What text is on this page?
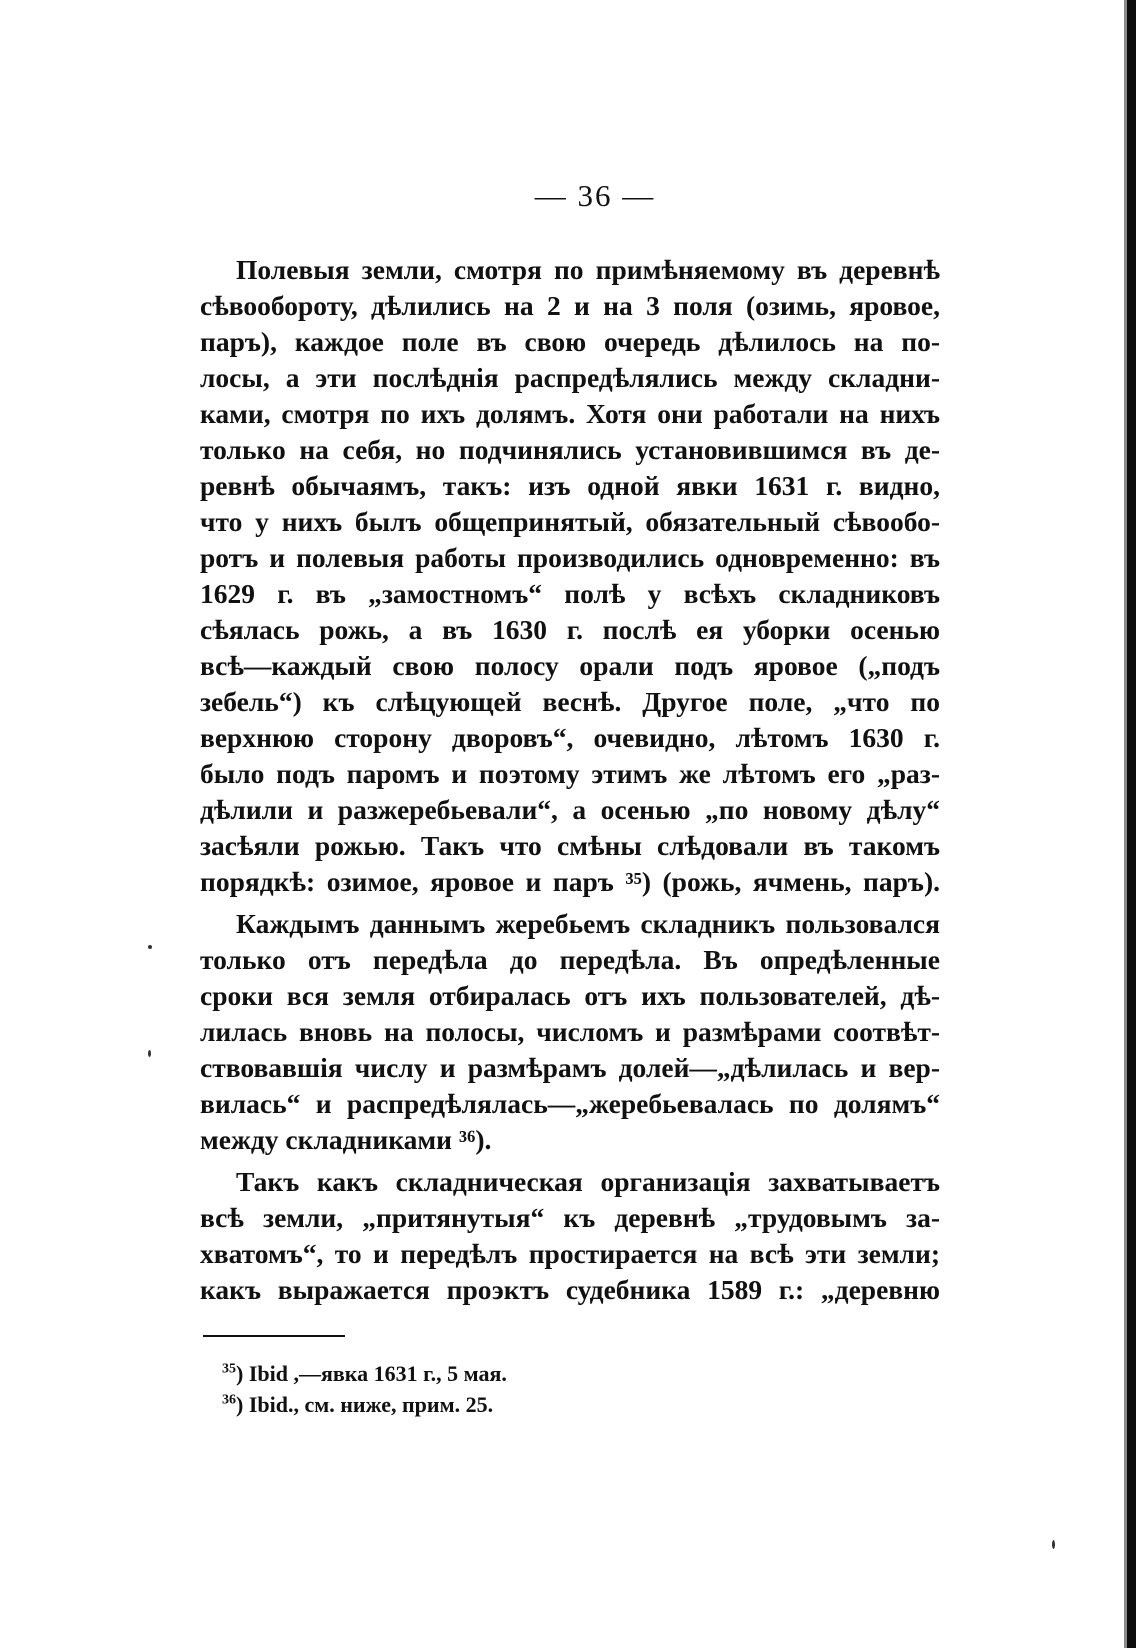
— 36 —
Полевыя земли, смотря по примѣняемому въ деревнѣ
сѣвообороту, дѣлились на 2 и на 3 поля (озимь, яровое,
паръ), каждое поле въ свою очередь дѣлилось на по-
лосы, а эти послѣднія распредѣлялись между складни-
ками, смотря по ихъ долямъ. Хотя они работали на нихъ
только на себя, но подчинялись установившимся въ де-
ревнѣ обычаямъ, такъ: изъ одной явки 1631 г. видно,
что у нихъ былъ общепринятый, обязательный сѣвообо-
ротъ и полевыя работы производились одновременно: въ
1629 г. въ „замостномъ“ полѣ у всѣхъ складниковъ
сѣялась рожь, а въ 1630 г. послѣ ея уборки осенью
всѣ—каждый свою полосу орали подъ яровое („подъ
зебель“) къ слѣцующей веснѣ. Другое поле, „что по
верхнюю сторону дворовъ“, очевидно, лѣтомъ 1630 г.
было подъ паромъ и поэтому этимъ же лѣтомъ его „раз-
дѣлили и разжеребьевали“, а осенью „по новому дѣлу“
засѣяли рожью. Такъ что смѣны слѣдовали въ такомъ
порядкѣ: озимое, яровое и паръ ³⁵) (рожь, ячмень, паръ).
Каждымъ даннымъ жеребьемъ складникъ пользовался
только отъ передѣла до передѣла. Въ опредѣленные
сроки вся земля отбиралась отъ ихъ пользователей, дѣ-
лилась вновь на полосы, числомъ и размѣрами соотвѣт-
ствовавшія числу и размѣрамъ долей—„дѣлилась и вер-
вилась“ и распредѣлялась—„жеребьевалась по долямъ“
между складниками ³⁶).
Такъ какъ складническая организація захватываетъ
всѣ земли, „притянутыя“ къ деревнѣ „трудовымъ за-
хватомъ“, то и передѣлъ простирается на всѣ эти земли;
какъ выражается проэктъ судебника 1589 г.: „деревню
$^{35}$) Ibid ,—явка 1631 г., 5 мая.
$^{36}$) Ibid., см. ниже, прим. 25.
